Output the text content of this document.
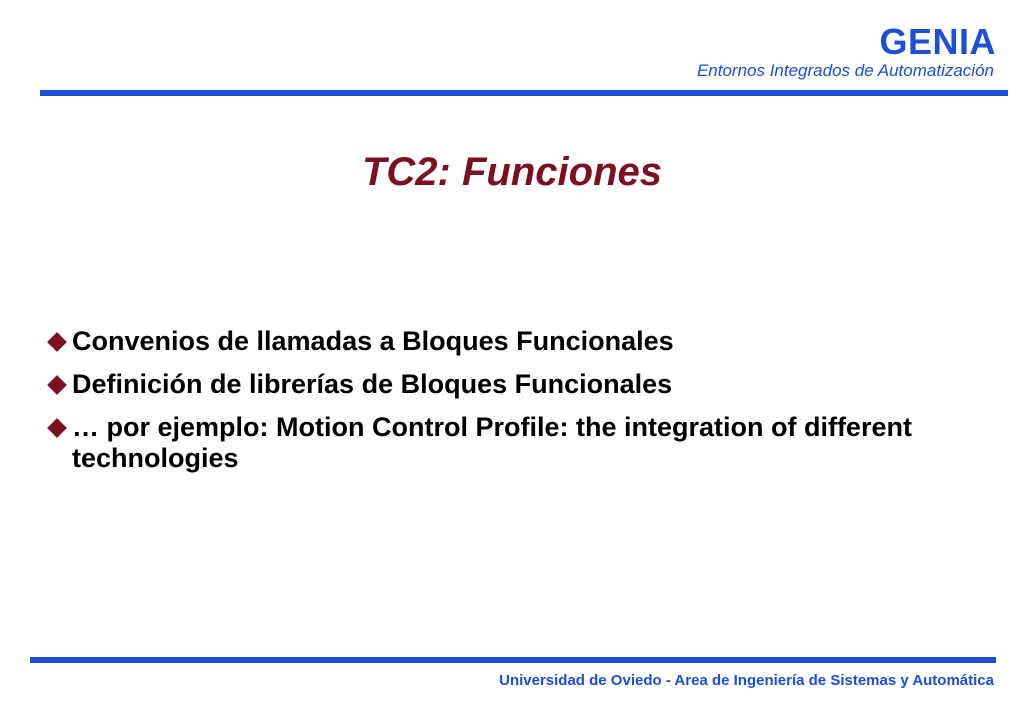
GENIA
Entornos Integrados de Automatización
TC2: Funciones
Convenios de llamadas a Bloques Funcionales
Definición de librerías de Bloques Funcionales
… por ejemplo: Motion Control Profile: the integration of different technologies
Universidad de Oviedo - Area de Ingeniería de Sistemas y Automática
